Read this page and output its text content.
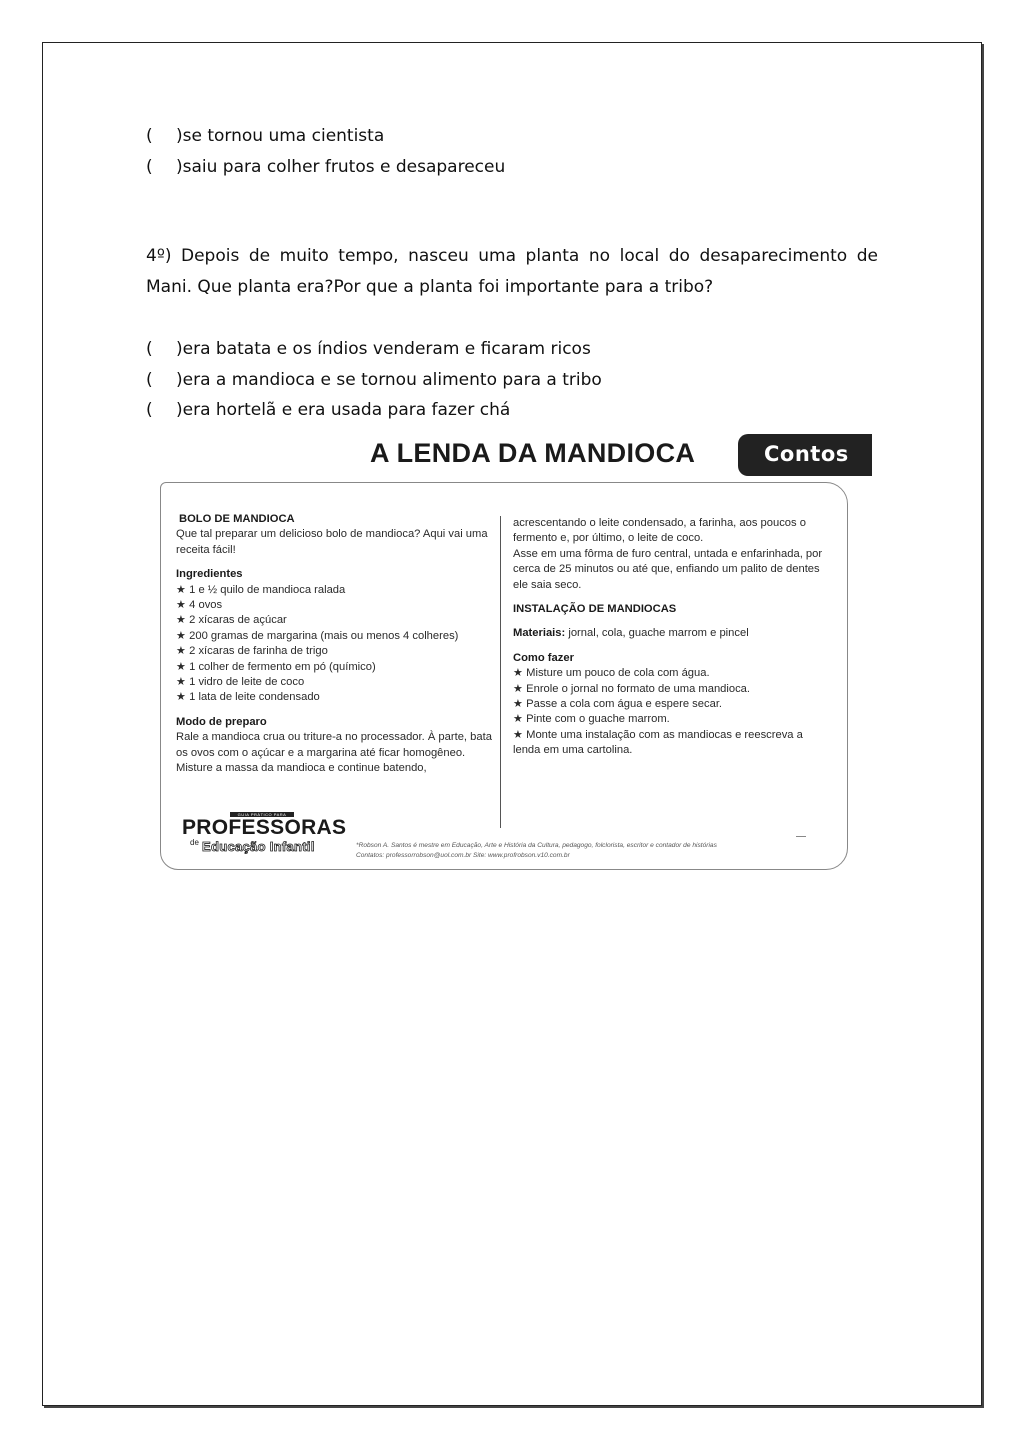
( )se tornou uma cientista
( )saiu para colher frutos e desapareceu
4º) Depois de muito tempo, nasceu uma planta no local do desaparecimento de Mani. Que planta era?Por que a planta foi importante para a tribo?
( )era batata e os índios venderam e ficaram ricos
( )era a mandioca e se tornou alimento para a tribo
( )era hortelã e era usada para fazer chá
A LENDA DA MANDIOCA	Contos
BOLO DE MANDIOCA
Que tal preparar um delicioso bolo de mandioca? Aqui vai uma receita fácil!
Ingredientes
★ 1 e ½ quilo de mandioca ralada
★ 4 ovos
★ 2 xícaras de açúcar
★ 200 gramas de margarina (mais ou menos 4 colheres)
★ 2 xícaras de farinha de trigo
★ 1 colher de fermento em pó (químico)
★ 1 vidro de leite de coco
★ 1 lata de leite condensado
Modo de preparo
Rale a mandioca crua ou triture-a no processador. À parte, bata os ovos com o açúcar e a margarina até ficar homogêneo. Misture a massa da mandioca e continue batendo,
acrescentando o leite condensado, a farinha, aos poucos o fermento e, por último, o leite de coco.
Asse em uma fôrma de furo central, untada e enfarinhada, por cerca de 25 minutos ou até que, enfiando um palito de dentes ele saia seco.
INSTALAÇÃO DE MANDIOCAS
Materiais: jornal, cola, guache marrom e pincel
Como fazer
★ Misture um pouco de cola com água.
★ Enrole o jornal no formato de uma mandioca.
★ Passe a cola com água e espere secar.
★ Pinte com o guache marrom.
★ Monte uma instalação com as mandiocas e reescreva a lenda em uma cartolina.
GUIA PRÁTICO PARA
PROFESSORAS
de Educação Infantil	*Robson A. Santos é mestre em Educação, Arte e História da Cultura, pedagogo, folclorista, escritor e contador de histórias
Contatos: professorrobson@uol.com.br Site: www.profrobson.v10.com.br
